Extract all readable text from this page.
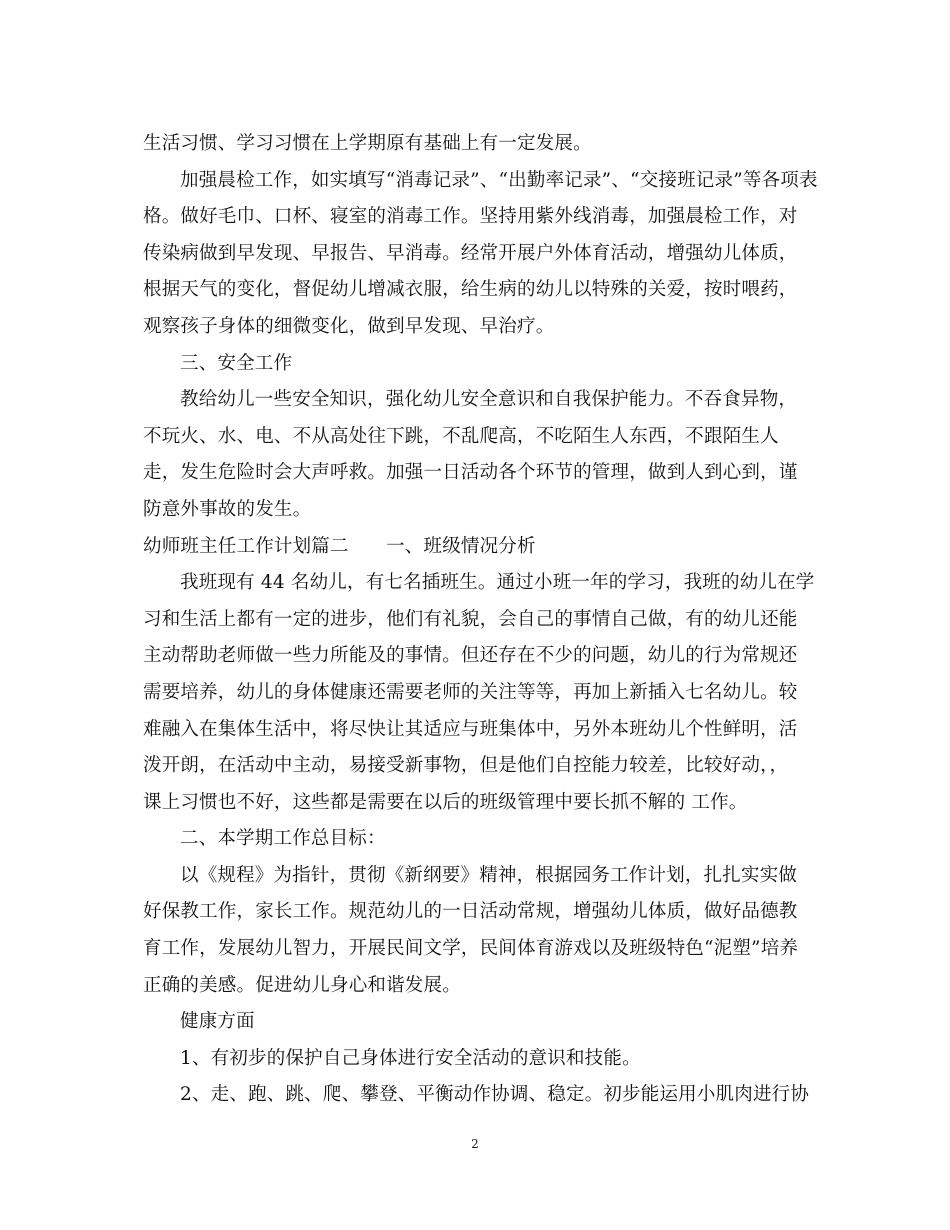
生活习惯、学习习惯在上学期原有基础上有一定发展。
加强晨检工作，如实填写“消毒记录”、“出勤率记录”、“交接班记录”等各项表
格。做好毛巾、口杯、寝室的消毒工作。坚持用紫外线消毒，加强晨检工作，对
传染病做到早发现、早报告、早消毒。经常开展户外体育活动，增强幼儿体质，
根据天气的变化，督促幼儿增减衣服，给生病的幼儿以特殊的关爱，按时喂药，
观察孩子身体的细微变化，做到早发现、早治疗。
三、安全工作
教给幼儿一些安全知识，强化幼儿安全意识和自我保护能力。不吞食异物，
不玩火、水、电、不从高处往下跳，不乱爬高，不吃陌生人东西，不跟陌生人
走，发生危险时会大声呼救。加强一日活动各个环节的管理，做到人到心到，谨
防意外事故的发生。
幼师班主任工作计划篇二　　一、班级情况分析
我班现有 44 名幼儿，有七名插班生。通过小班一年的学习，我班的幼儿在学
习和生活上都有一定的进步，他们有礼貌，会自己的事情自己做，有的幼儿还能
主动帮助老师做一些力所能及的事情。但还存在不少的问题，幼儿的行为常规还
需要培养，幼儿的身体健康还需要老师的关注等等，再加上新插入七名幼儿。较
难融入在集体生活中，将尽快让其适应与班集体中，另外本班幼儿个性鲜明，活
泼开朗，在活动中主动，易接受新事物，但是他们自控能力较差，比较好动，，
课上习惯也不好，这些都是需要在以后的班级管理中要长抓不解的 工作。
二、本学期工作总目标：
以《规程》为指针，贯彻《新纲要》精神，根据园务工作计划，扎扎实实做
好保教工作，家长工作。规范幼儿的一日活动常规，增强幼儿体质，做好品德教
育工作，发展幼儿智力，开展民间文学，民间体育游戏以及班级特色“泥塑”培养
正确的美感。促进幼儿身心和谐发展。
健康方面
1、有初步的保护自己身体进行安全活动的意识和技能。
2、走、跑、跳、爬、攀登、平衡动作协调、稳定。初步能运用小肌肉进行协
2
